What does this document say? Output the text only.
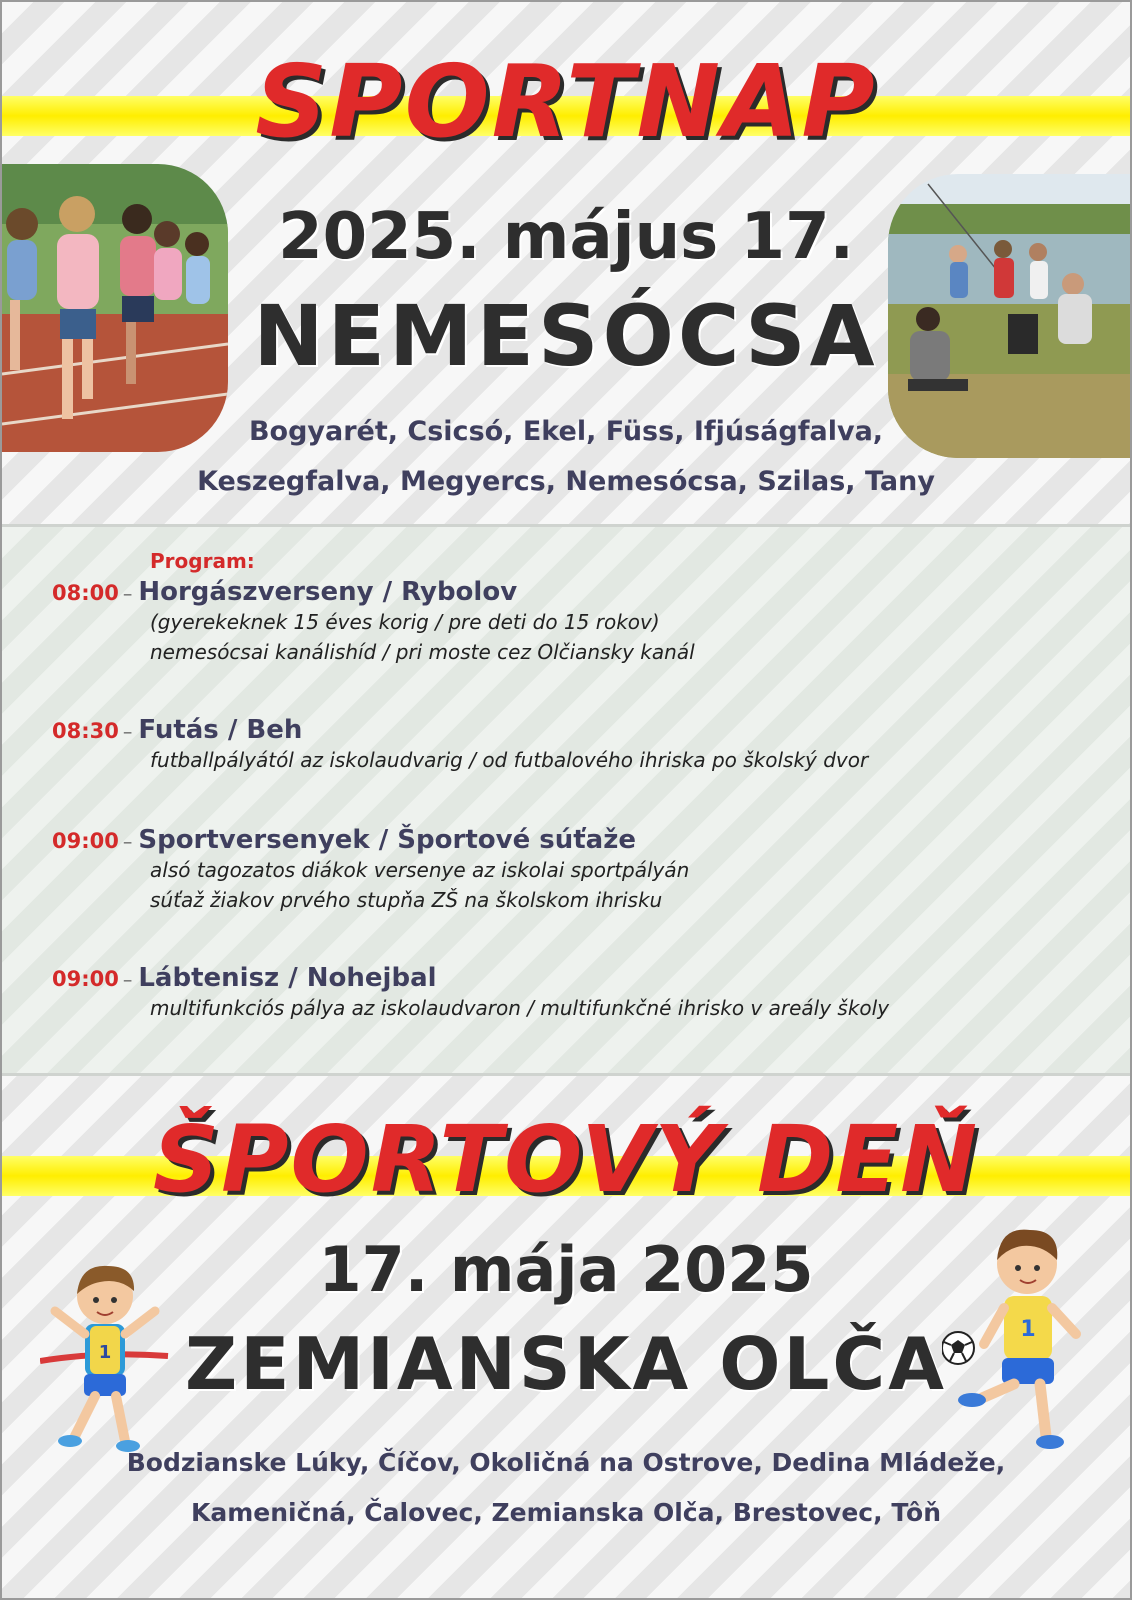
SPORTNAP
2025. május 17.
NEMESÓCSA
Bogyarét, Csicsó, Ekel, Füss, Ifjúságfalva,
Keszegfalva, Megyercs, Nemesócsa, Szilas, Tany
Program:
08:00 – Horgászverseny / Rybolov
(gyerekeknek 15 éves korig / pre deti do 15 rokov)
nemesócsai kanálishíd / pri moste cez Olčiansky kanál
08:30 – Futás / Beh
futballpályától az iskolaudvarig / od futbalového ihriska po školský dvor
09:00 – Sportversenyek / Športové súťaže
alsó tagozatos diákok versenye az iskolai sportpályán
súťaž žiakov prvého stupňa ZŠ na školskom ihrisku
09:00 – Lábtenisz / Nohejbal
multifunkciós pálya az iskolaudvaron / multifunkčné ihrisko v areály školy
ŠPORTOVÝ DEŇ
1
1
17. mája 2025
ZEMIANSKA OLČA
Bodzianske Lúky, Číčov, Okoličná na Ostrove, Dedina Mládeže,
Kameničná, Čalovec, Zemianska Olča, Brestovec, Tôň
